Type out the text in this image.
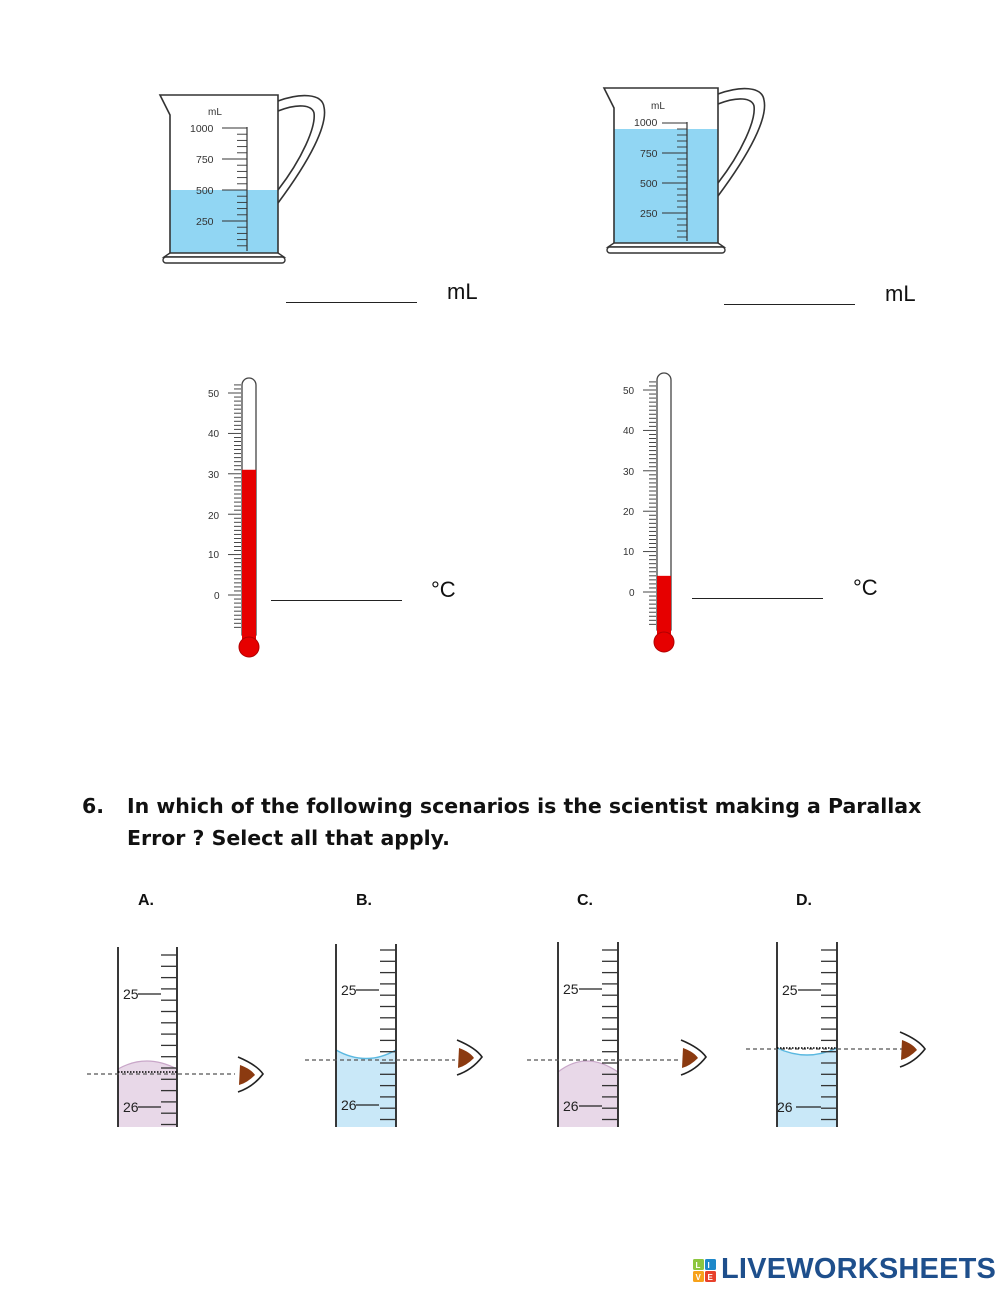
mL
1000
750
500
250
mL
mL
1000
750
500
250
mL
50
40
30
20
10
0	°C
50
40
30
20
10
0	°C
6. In which of the following scenarios is the scientist making a Parallax Error ? Select all that apply.
A.	B.	C.	D.
25
26
25
26
25
26
25
26
L I
V E LIVEWORKSHEETS
